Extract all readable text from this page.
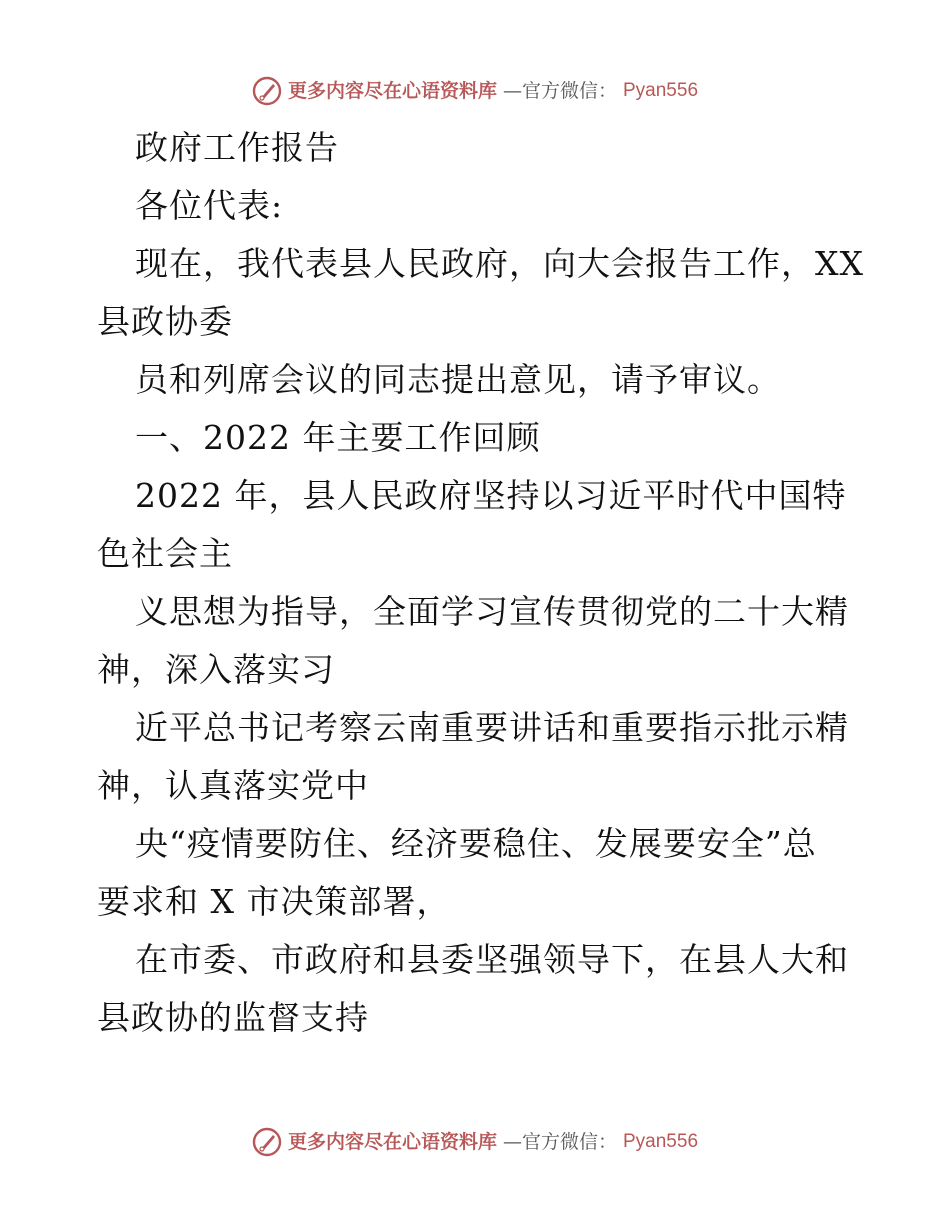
更多内容尽在心语资料库 —官方微信： Pyan556
政府工作报告
各位代表:
现在，我代表县人民政府，向大会报告工作，XX
县政协委
员和列席会议的同志提出意见，请予审议。
一、2022 年主要工作回顾
2022 年，县人民政府坚持以习近平时代中国特
色社会主
义思想为指导，全面学习宣传贯彻党的二十大精
神，深入落实习
近平总书记考察云南重要讲话和重要指示批示精
神，认真落实党中
央“疫情要防住、经济要稳住、发展要安全”总
要求和 X 市决策部署，
在市委、市政府和县委坚强领导下，在县人大和
县政协的监督支持
更多内容尽在心语资料库 —官方微信： Pyan556
